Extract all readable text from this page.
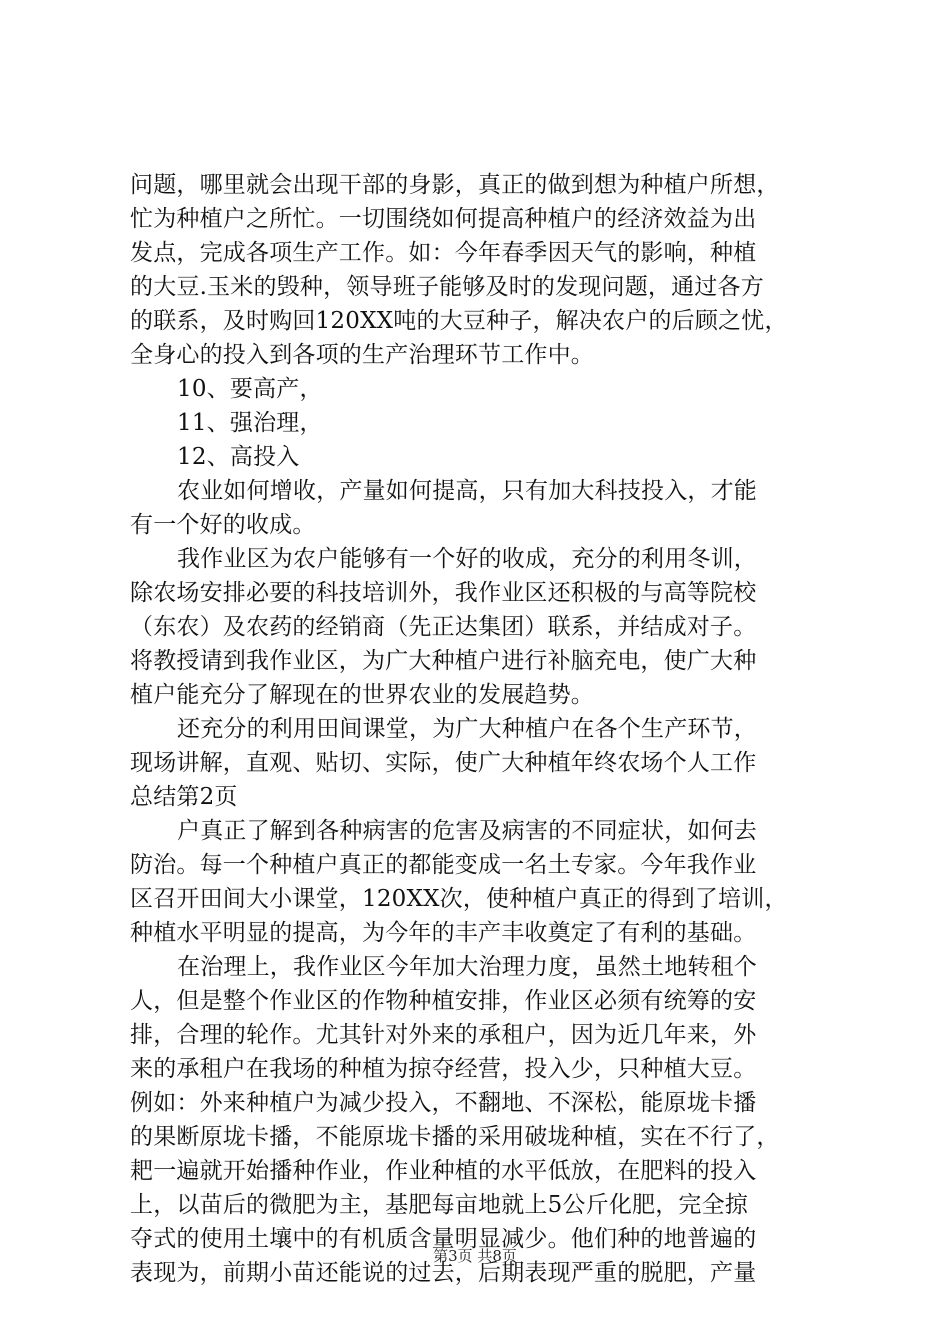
问题，哪里就会出现干部的身影，真正的做到想为种植户所想，
忙为种植户之所忙。一切围绕如何提高种植户的经济效益为出
发点，完成各项生产工作。如：今年春季因天气的影响，种植
的大豆.玉米的毁种，领导班子能够及时的发现问题，通过各方
的联系，及时购回120XX吨的大豆种子，解决农户的后顾之忧，
全身心的投入到各项的生产治理环节工作中。
10、要高产，
11、强治理，
12、高投入
农业如何增收，产量如何提高，只有加大科技投入，才能
有一个好的收成。
我作业区为农户能够有一个好的收成，充分的利用冬训，
除农场安排必要的科技培训外，我作业区还积极的与高等院校
（东农）及农药的经销商（先正达集团）联系，并结成对子。
将教授请到我作业区，为广大种植户进行补脑充电，使广大种
植户能充分了解现在的世界农业的发展趋势。
还充分的利用田间课堂，为广大种植户在各个生产环节，
现场讲解，直观、贴切、实际，使广大种植年终农场个人工作
总结第2页
户真正了解到各种病害的危害及病害的不同症状，如何去
防治。每一个种植户真正的都能变成一名土专家。今年我作业
区召开田间大小课堂，120XX次，使种植户真正的得到了培训，
种植水平明显的提高，为今年的丰产丰收奠定了有利的基础。
在治理上，我作业区今年加大治理力度，虽然土地转租个
人，但是整个作业区的作物种植安排，作业区必须有统筹的安
排，合理的轮作。尤其针对外来的承租户，因为近几年来，外
来的承租户在我场的种植为掠夺经营，投入少，只种植大豆。
例如：外来种植户为减少投入，不翻地、不深松，能原垅卡播
的果断原垅卡播，不能原垅卡播的采用破垅种植，实在不行了，
耙一遍就开始播种作业，作业种植的水平低放，在肥料的投入
上，以苗后的微肥为主，基肥每亩地就上5公斤化肥，完全掠
夺式的使用土壤中的有机质含量明显减少。他们种的地普遍的
表现为，前期小苗还能说的过去，后期表现严重的脱肥，产量
第3页 共8页
